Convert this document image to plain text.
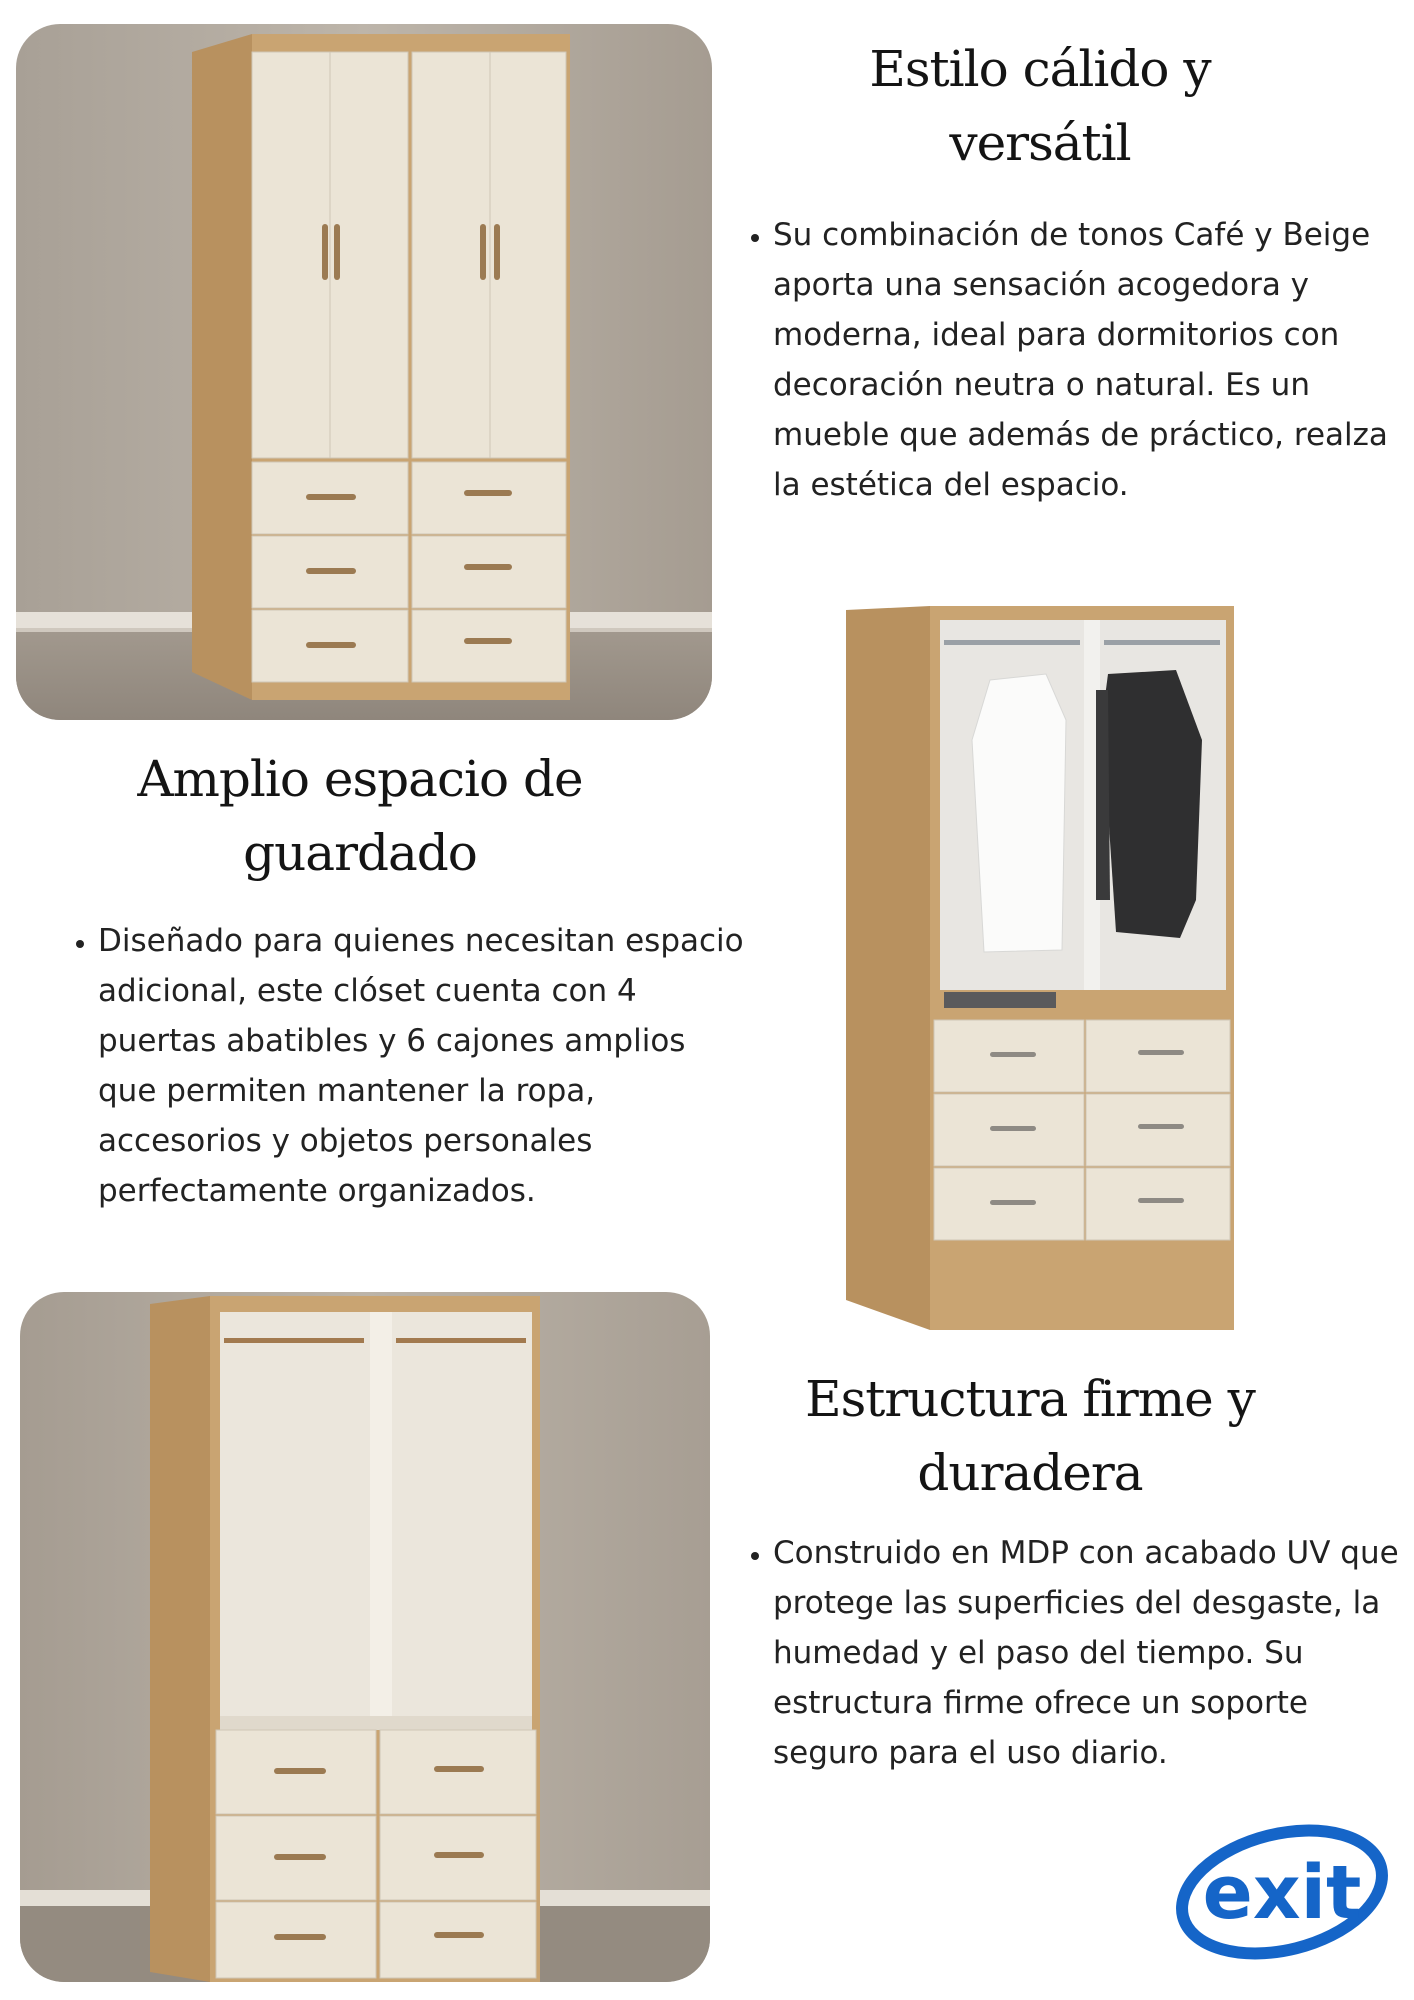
Estilo cálido y versátil
• Su combinación de tonos Café y Beige aporta una sensación acogedora y moderna, ideal para dormitorios con decoración neutra o natural. Es un mueble que además de práctico, realza la estética del espacio.
Amplio espacio de guardado
• Diseñado para quienes necesitan espacio adicional, este clóset cuenta con 4 puertas abatibles y 6 cajones amplios que permiten mantener la ropa, accesorios y objetos personales perfectamente organizados.
Estructura firme y duradera
• Construido en MDP con acabado UV que protege las superficies del desgaste, la humedad y el paso del tiempo. Su estructura firme ofrece un soporte seguro para el uso diario.
exit
